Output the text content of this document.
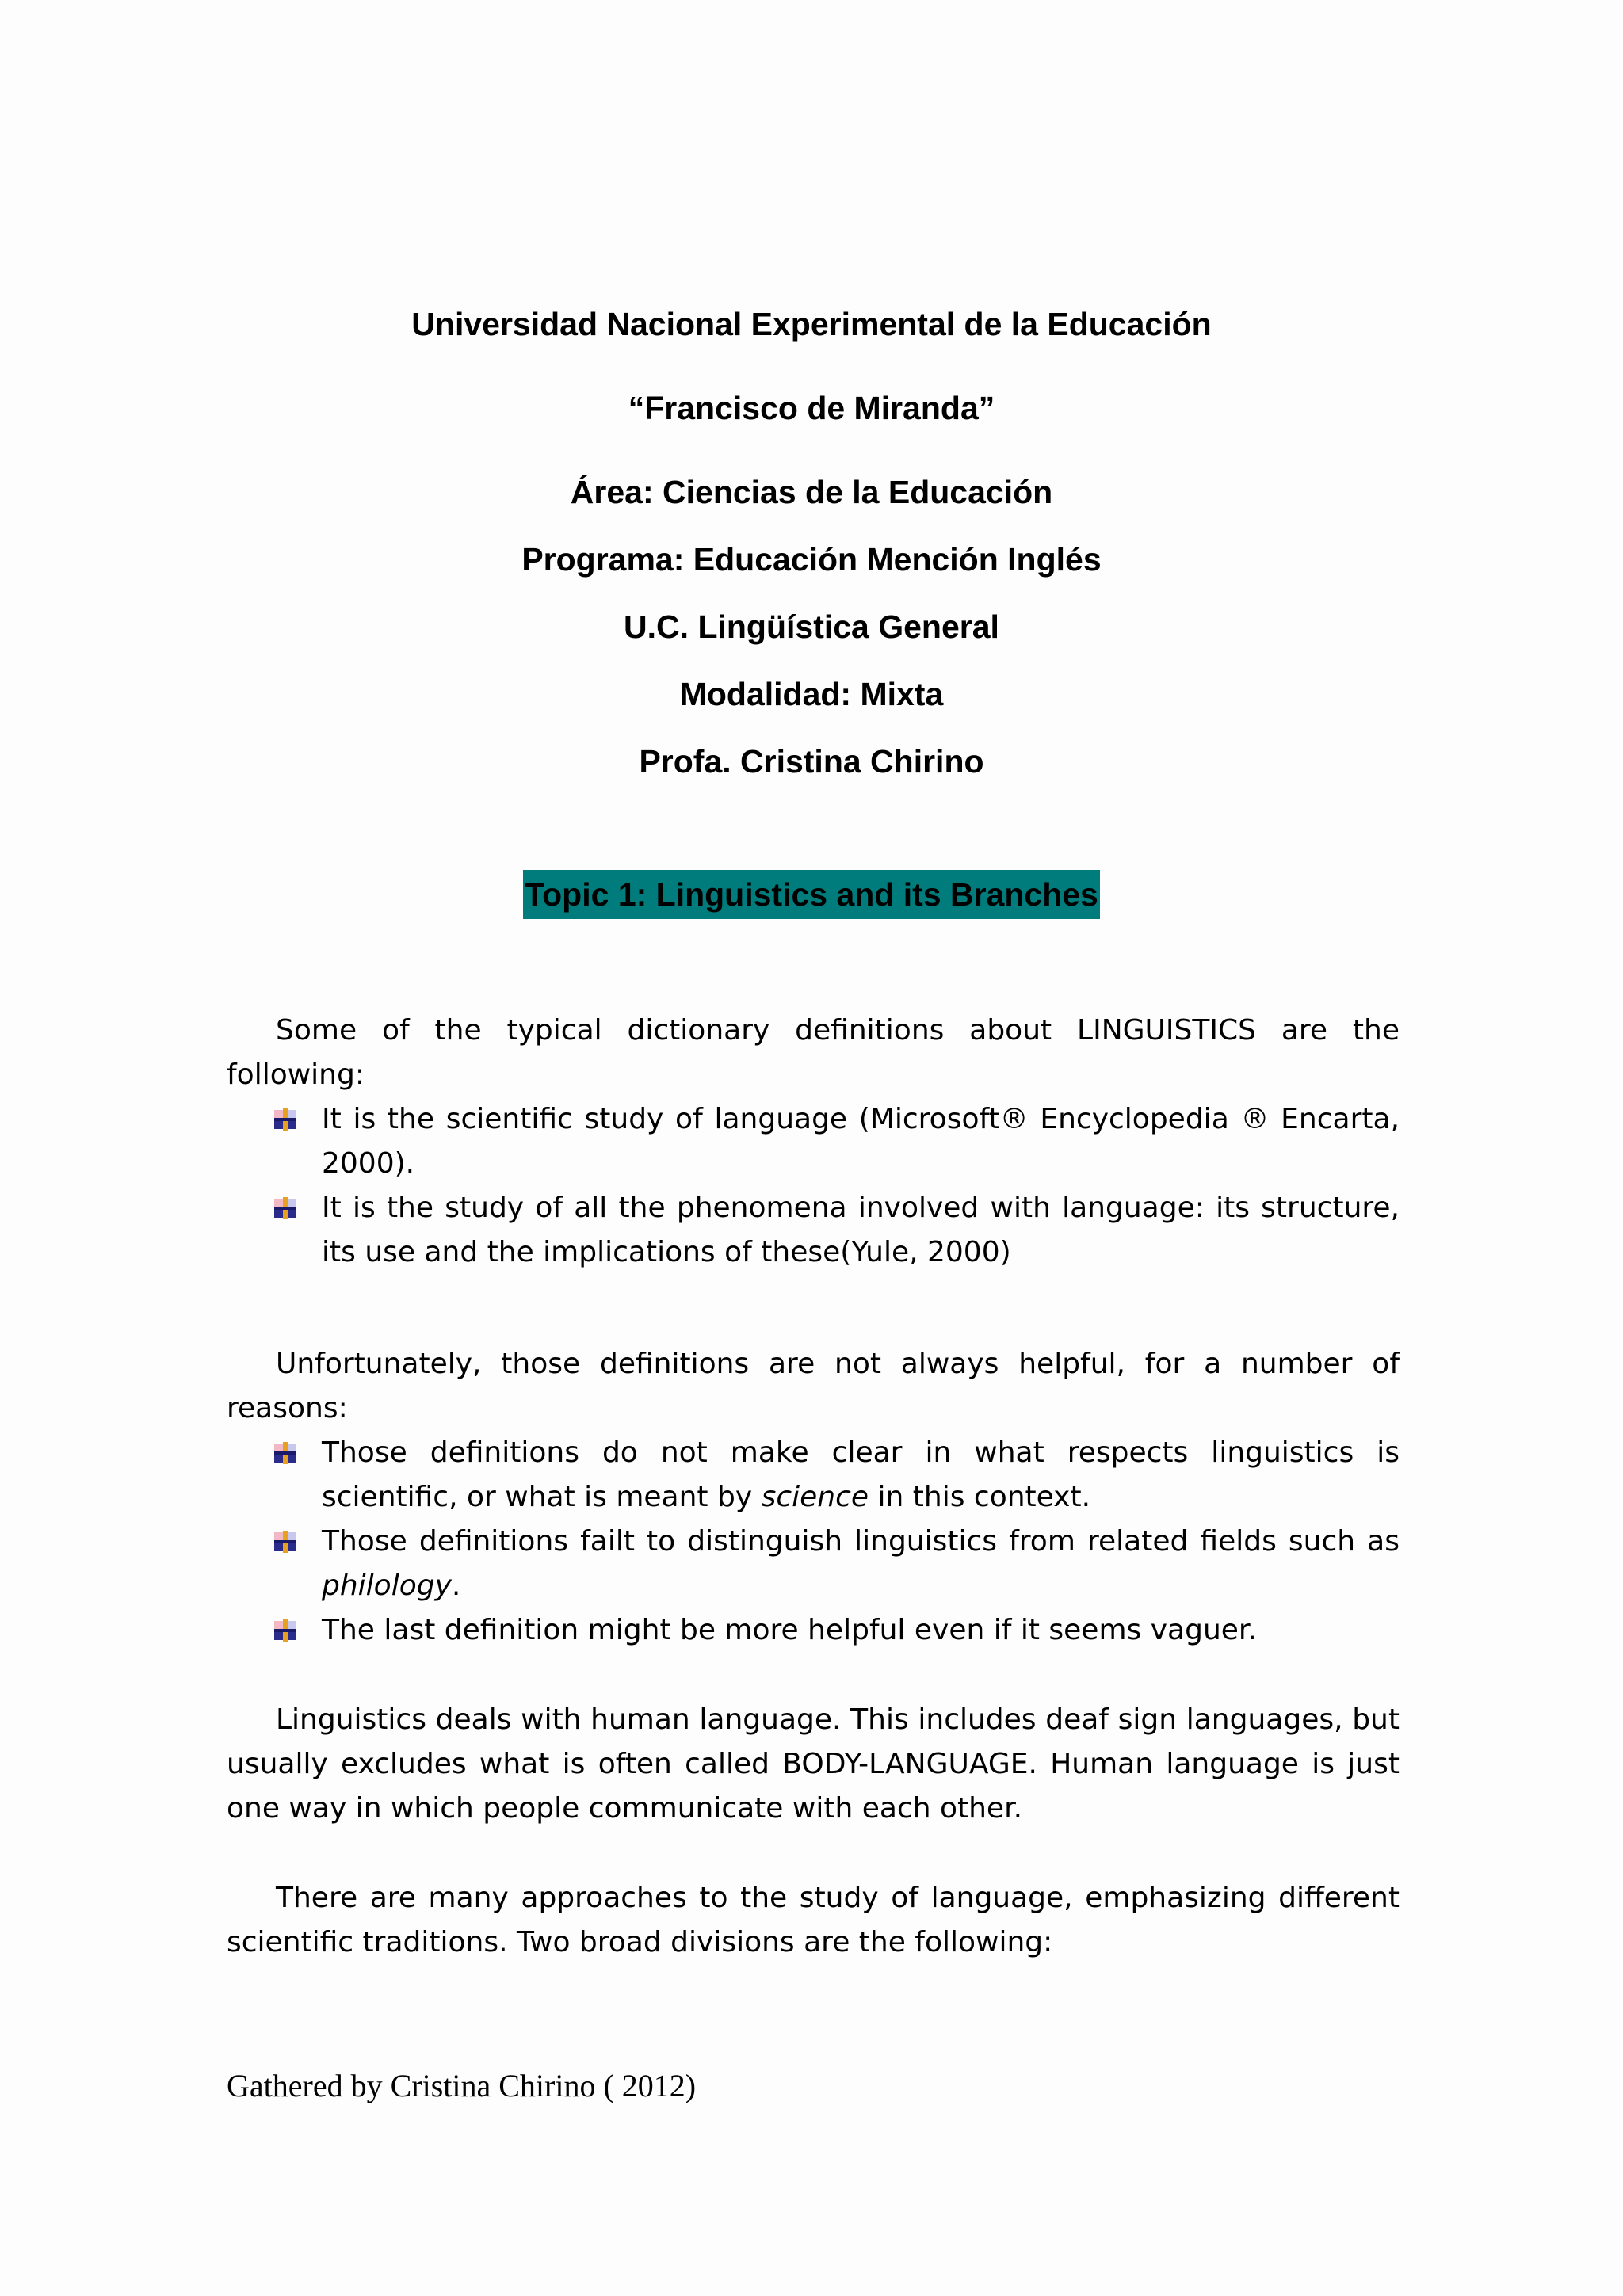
Universidad Nacional Experimental de la Educación
“Francisco de Miranda”
Área: Ciencias de la Educación
Programa: Educación Mención Inglés
U.C. Lingüística General
Modalidad: Mixta
Profa. Cristina Chirino
Topic 1: Linguistics and its Branches

Some of the typical dictionary definitions about LINGUISTICS are the following:

It is the scientific study of language (Microsoft® Encyclopedia ® Encarta, 2000).
It is the study of all the phenomena involved with language: its structure, its use and the implications of these(Yule, 2000)

Unfortunately, those definitions are not always helpful, for a number of reasons:

Those definitions do not make clear in what respects linguistics is scientific, or what is meant by science in this context.
Those definitions failt to distinguish linguistics from related fields such as philology.
The last definition might be more helpful even if it seems vaguer.

Linguistics deals with human language. This includes deaf sign languages, but usually excludes what is often called BODY-LANGUAGE. Human language is just one way in which people communicate with each other.

There are many approaches to the study of language, emphasizing different scientific traditions. Two broad divisions are the following:

Gathered by Cristina Chirino ( 2012)
